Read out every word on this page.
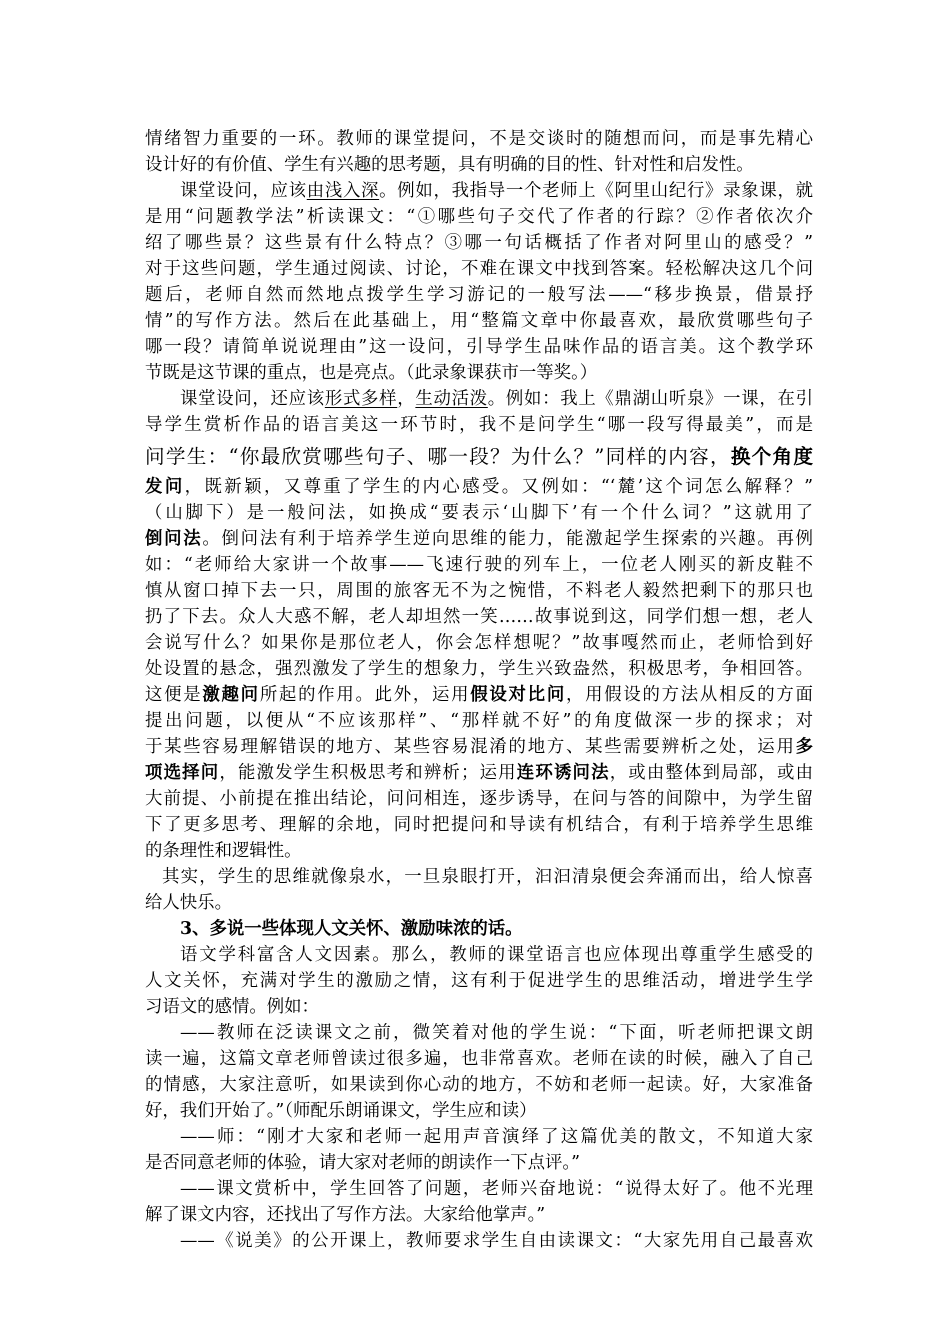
情绪智力重要的一环。教师的课堂提问，不是交谈时的随想而问，而是事先精心
设计好的有价值、学生有兴趣的思考题，具有明确的目的性、针对性和启发性。
课堂设问，应该由浅入深。例如，我指导一个老师上《阿里山纪行》录象课，就
是用“问题教学法”析读课文：“①哪些句子交代了作者的行踪？②作者依次介
绍了哪些景？这些景有什么特点？③哪一句话概括了作者对阿里山的感受？”
对于这些问题，学生通过阅读、讨论，不难在课文中找到答案。轻松解决这几个问
题后，老师自然而然地点拨学生学习游记的一般写法——“移步换景，借景抒
情”的写作方法。然后在此基础上，用“整篇文章中你最喜欢，最欣赏哪些句子
哪一段？请简单说说理由”这一设问，引导学生品味作品的语言美。这个教学环
节既是这节课的重点，也是亮点。（此录象课获市一等奖。）
课堂设问，还应该形式多样，生动活泼。例如：我上《鼎湖山听泉》一课，在引
导学生赏析作品的语言美这一环节时，我不是问学生“哪一段写得最美”，而是
问学生：“你最欣赏哪些句子、哪一段？为什么？”同样的内容，换个角度
发问，既新颖，又尊重了学生的内心感受。又例如：“‘麓’这个词怎么解释？”
（山脚下）是一般问法，如换成“要表示‘山脚下’有一个什么词？”这就用了
倒问法。倒问法有利于培养学生逆向思维的能力，能激起学生探索的兴趣。再例
如：“老师给大家讲一个故事——飞速行驶的列车上，一位老人刚买的新皮鞋不
慎从窗口掉下去一只，周围的旅客无不为之惋惜，不料老人毅然把剩下的那只也
扔了下去。众人大惑不解，老人却坦然一笑……故事说到这，同学们想一想，老人
会说写什么？如果你是那位老人，你会怎样想呢？”故事嘎然而止，老师恰到好
处设置的悬念，强烈激发了学生的想象力，学生兴致盎然，积极思考，争相回答。
这便是激趣问所起的作用。此外，运用假设对比问，用假设的方法从相反的方面
提出问题，以便从“不应该那样”、“那样就不好”的角度做深一步的探求；对
于某些容易理解错误的地方、某些容易混淆的地方、某些需要辨析之处，运用多
项选择问，能激发学生积极思考和辨析；运用连环诱问法，或由整体到局部，或由
大前提、小前提在推出结论，问问相连，逐步诱导，在问与答的间隙中，为学生留
下了更多思考、理解的余地，同时把提问和导读有机结合，有利于培养学生思维
的条理性和逻辑性。
其实，学生的思维就像泉水，一旦泉眼打开，汩汩清泉便会奔涌而出，给人惊喜
给人快乐。
3、多说一些体现人文关怀、激励味浓的话。
语文学科富含人文因素。那么，教师的课堂语言也应体现出尊重学生感受的
人文关怀，充满对学生的激励之情，这有利于促进学生的思维活动，增进学生学
习语文的感情。例如：
——教师在泛读课文之前，微笑着对他的学生说：“下面，听老师把课文朗
读一遍，这篇文章老师曾读过很多遍，也非常喜欢。老师在读的时候，融入了自己
的情感，大家注意听，如果读到你心动的地方，不妨和老师一起读。好，大家准备
好，我们开始了。”（师配乐朗诵课文，学生应和读）
——师：“刚才大家和老师一起用声音演绎了这篇优美的散文，不知道大家
是否同意老师的体验，请大家对老师的朗读作一下点评。”
——课文赏析中，学生回答了问题，老师兴奋地说：“说得太好了。他不光理
解了课文内容，还找出了写作方法。大家给他掌声。”
——《说美》的公开课上，教师要求学生自由读课文：“大家先用自己最喜欢
